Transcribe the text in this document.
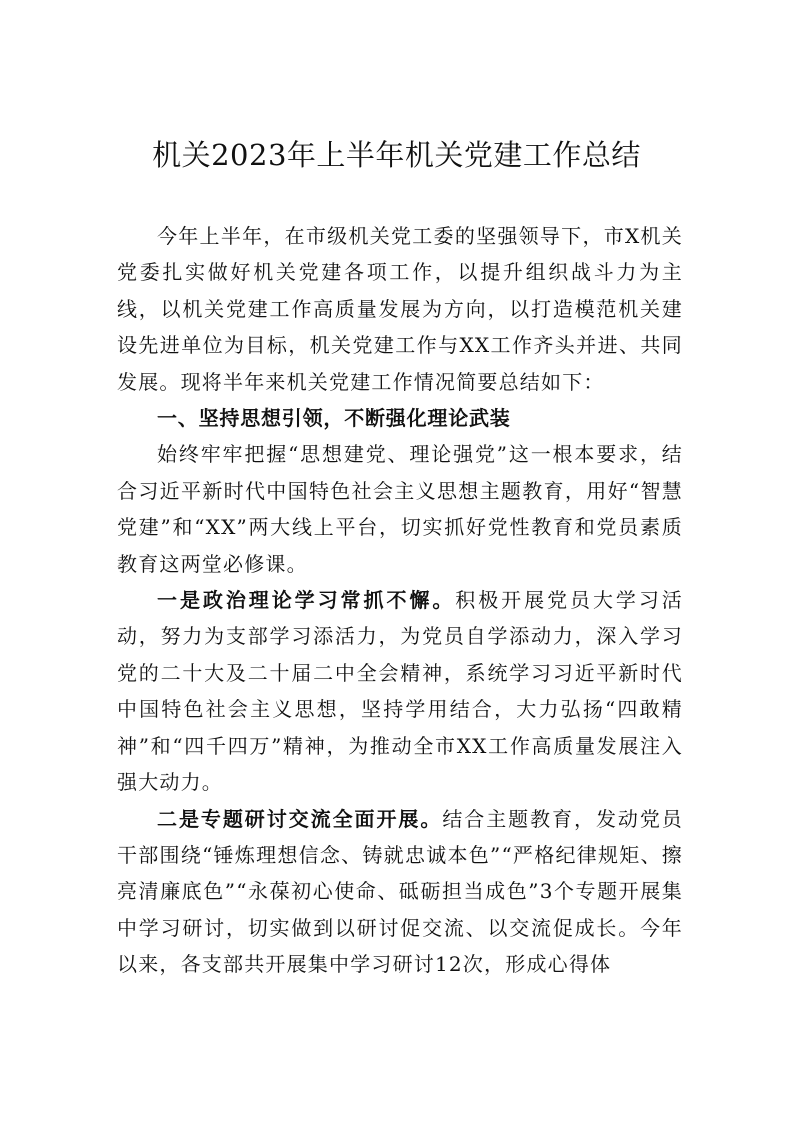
机关2023年上半年机关党建工作总结

今年上半年，在市级机关党工委的坚强领导下，市X机关党委扎实做好机关党建各项工作，以提升组织战斗力为主线，以机关党建工作高质量发展为方向，以打造模范机关建设先进单位为目标，机关党建工作与XX工作齐头并进、共同发展。现将半年来机关党建工作情况简要总结如下：

一、坚持思想引领，不断强化理论武装

始终牢牢把握“思想建党、理论强党”这一根本要求，结合习近平新时代中国特色社会主义思想主题教育，用好“智慧党建”和“XX”两大线上平台，切实抓好党性教育和党员素质教育这两堂必修课。

一是政治理论学习常抓不懈。积极开展党员大学习活动，努力为支部学习添活力，为党员自学添动力，深入学习党的二十大及二十届二中全会精神，系统学习习近平新时代中国特色社会主义思想，坚持学用结合，大力弘扬“四敢精神”和“四千四万”精神，为推动全市XX工作高质量发展注入强大动力。

二是专题研讨交流全面开展。结合主题教育，发动党员干部围绕“锤炼理想信念、铸就忠诚本色”“严格纪律规矩、擦亮清廉底色”“永葆初心使命、砥砺担当成色”3个专题开展集中学习研讨，切实做到以研讨促交流、以交流促成长。今年以来，各支部共开展集中学习研讨12次，形成心得体
